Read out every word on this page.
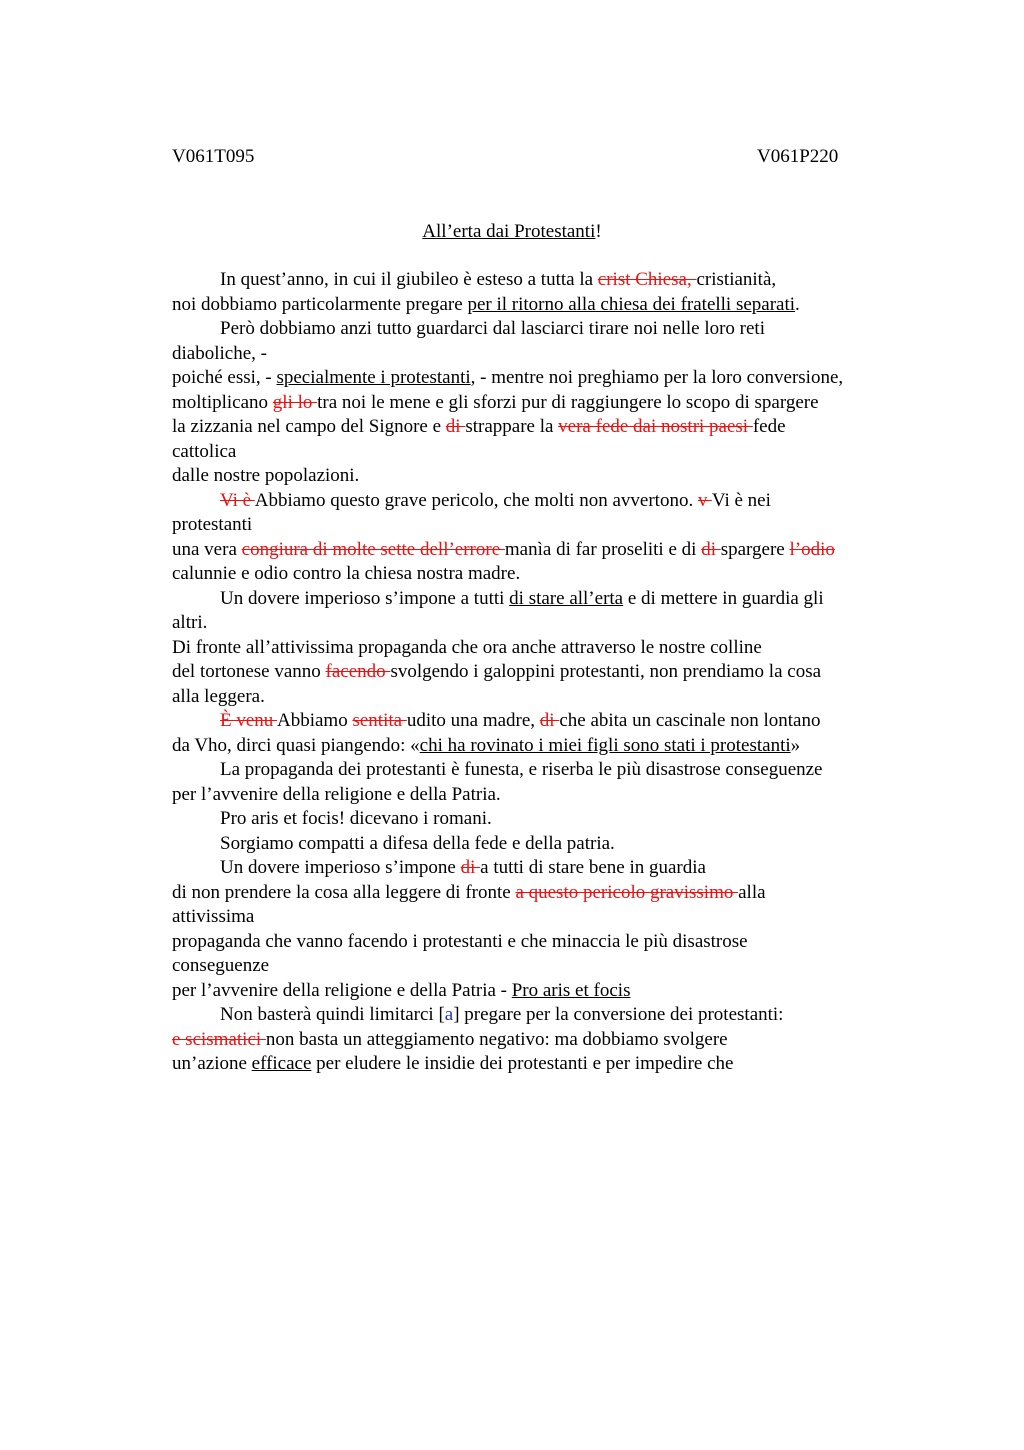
V061T095	V061P220
All’erta dai Protestanti!
In quest’anno, in cui il giubileo è esteso a tutta la crist Chiesa, cristianità,
noi dobbiamo particolarmente pregare per il ritorno alla chiesa dei fratelli separati.
Però dobbiamo anzi tutto guardarci dal lasciarci tirare noi nelle loro reti
diaboliche, -
poiché essi, - specialmente i protestanti, - mentre noi preghiamo per la loro conversione,
moltiplicano gli lo tra noi le mene e gli sforzi pur di raggiungere lo scopo di spargere
la zizzania nel campo del Signore e di strappare la vera fede dai nostri paesi fede
cattolica
dalle nostre popolazioni.
Vi è Abbiamo questo grave pericolo, che molti non avvertono. v Vi è nei
protestanti
una vera congiura di molte sette dell’errore manìa di far proseliti e di di spargere l’odio
calunnie e odio contro la chiesa nostra madre.
Un dovere imperioso s’impone a tutti di stare all’erta e di mettere in guardia gli
altri.
Di fronte all’attivissima propaganda che ora anche attraverso le nostre colline
del tortonese vanno facendo svolgendo i galoppini protestanti, non prendiamo la cosa
alla leggera.
È venu Abbiamo sentita udito una madre, di che abita un cascinale non lontano
da Vho, dirci quasi piangendo: «chi ha rovinato i miei figli sono stati i protestanti»
La propaganda dei protestanti è funesta, e riserba le più disastrose conseguenze
per l’avvenire della religione e della Patria.
Pro aris et focis! dicevano i romani.
Sorgiamo compatti a difesa della fede e della patria.
Un dovere imperioso s’impone di a tutti di stare bene in guardia
di non prendere la cosa alla leggere di fronte a questo pericolo gravissimo alla
attivissima
propaganda che vanno facendo i protestanti e che minaccia le più disastrose
conseguenze
per l’avvenire della religione e della Patria - Pro aris et focis
Non basterà quindi limitarci [a] pregare per la conversione dei protestanti:
e scismatici non basta un atteggiamento negativo: ma dobbiamo svolgere
un’azione efficace per eludere le insidie dei protestanti e per impedire che
